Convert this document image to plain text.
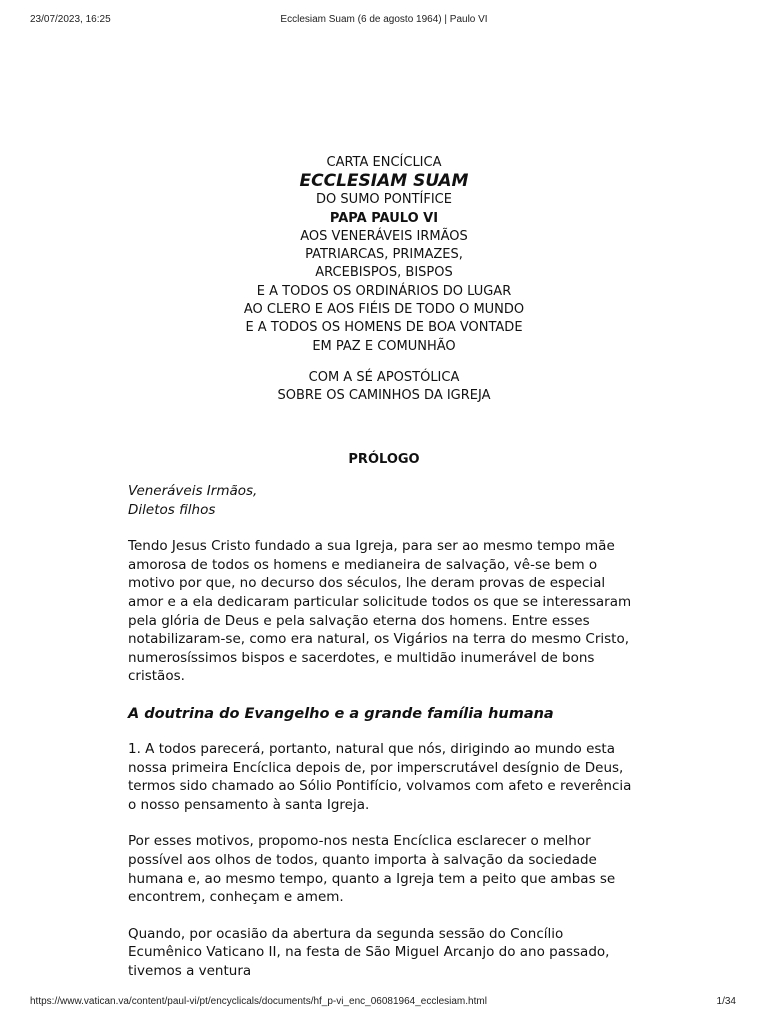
23/07/2023, 16:25	Ecclesiam Suam (6 de agosto 1964) | Paulo VI
CARTA ENCÍCLICA
ECCLESIAM SUAM
DO SUMO PONTÍFICE
PAPA PAULO VI
AOS VENERÁVEIS IRMÃOS
PATRIARCAS, PRIMAZES,
ARCEBISPOS, BISPOS
E A TODOS OS ORDINÁRIOS DO LUGAR
AO CLERO E AOS FIÉIS DE TODO O MUNDO
E A TODOS OS HOMENS DE BOA VONTADE
EM PAZ E COMUNHÃO
COM A SÉ APOSTÓLICA
SOBRE OS CAMINHOS DA IGREJA
PRÓLOGO

Veneráveis Irmãos,
Diletos filhos

Tendo Jesus Cristo fundado a sua Igreja, para ser ao mesmo tempo mãe amorosa de todos os homens e medianeira de salvação, vê-se bem o motivo por que, no decurso dos séculos, lhe deram provas de especial amor e a ela dedicaram particular solicitude todos os que se interessaram pela glória de Deus e pela salvação eterna dos homens. Entre esses notabilizaram-se, como era natural, os Vigários na terra do mesmo Cristo, numerosíssimos bispos e sacerdotes, e multidão inumerável de bons cristãos.

A doutrina do Evangelho e a grande família humana

1. A todos parecerá, portanto, natural que nós, dirigindo ao mundo esta nossa primeira Encíclica depois de, por imperscrutável desígnio de Deus, termos sido chamado ao Sólio Pontifício, volvamos com afeto e reverência o nosso pensamento à santa Igreja.

Por esses motivos, propomo-nos nesta Encíclica esclarecer o melhor possível aos olhos de todos, quanto importa à salvação da sociedade humana e, ao mesmo tempo, quanto a Igreja tem a peito que ambas se encontrem, conheçam e amem.

Quando, por ocasião da abertura da segunda sessão do Concílio Ecumênico Vaticano II, na festa de São Miguel Arcanjo do ano passado, tivemos a ventura

https://www.vatican.va/content/paul-vi/pt/encyclicals/documents/hf_p-vi_enc_06081964_ecclesiam.html	1/34
